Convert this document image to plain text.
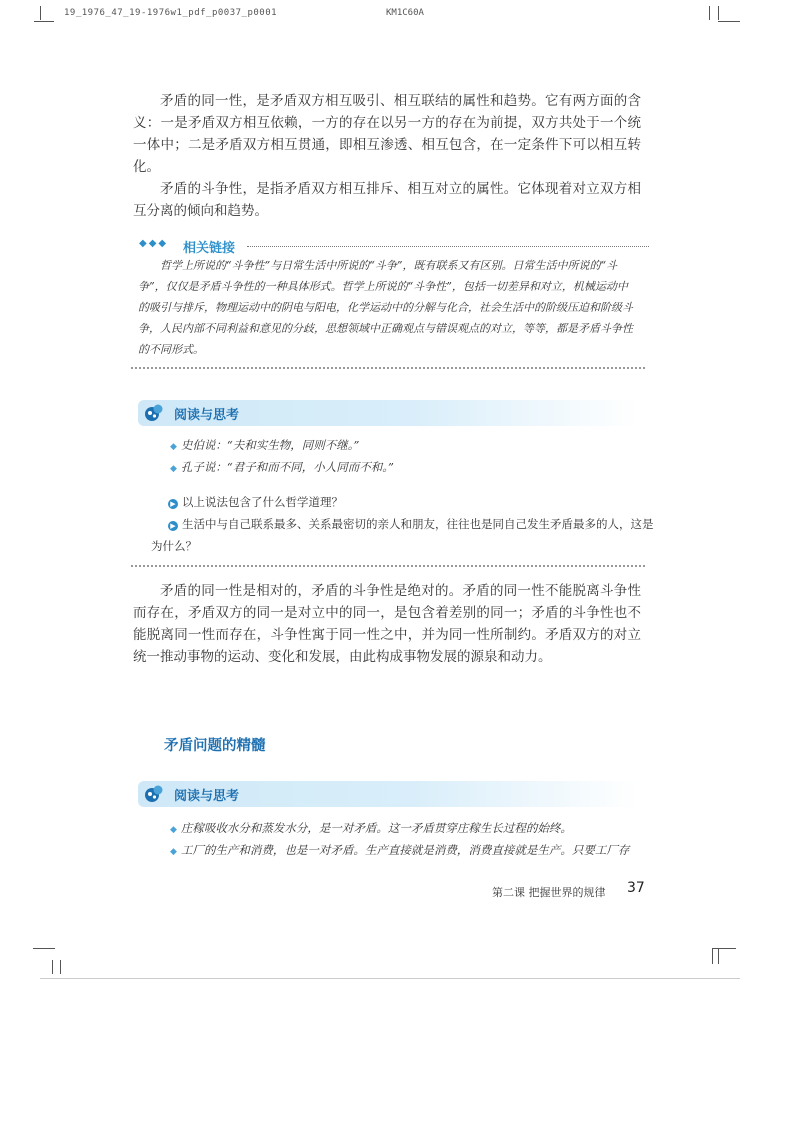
19_1976_47_19-1976w1_pdf_p0037_p0001	KM1C60A

矛盾的同一性，是矛盾双方相互吸引、相互联结的属性和趋势。它有两方面的含义：一是矛盾双方相互依赖，一方的存在以另一方的存在为前提，双方共处于一个统一体中；二是矛盾双方相互贯通，即相互渗透、相互包含，在一定条件下可以相互转化。

矛盾的斗争性，是指矛盾双方相互排斥、相互对立的属性。它体现着对立双方相互分离的倾向和趋势。

◆◆◆ 相关链接

哲学上所说的“斗争性”与日常生活中所说的“斗争”，既有联系又有区别。日常生活中所说的“斗争”，仅仅是矛盾斗争性的一种具体形式。哲学上所说的“斗争性”，包括一切差异和对立，机械运动中的吸引与排斥，物理运动中的阴电与阳电，化学运动中的分解与化合，社会生活中的阶级压迫和阶级斗争，人民内部不同利益和意见的分歧，思想领域中正确观点与错误观点的对立，等等，都是矛盾斗争性的不同形式。

阅读与思考
◆ 史伯说：“夫和实生物，同则不继。”
◆ 孔子说：“君子和而不同，小人同而不和。”
▶ 以上说法包含了什么哲学道理？
▶ 生活中与自己联系最多、关系最密切的亲人和朋友，往往也是同自己发生矛盾最多的人，这是
为什么？

矛盾的同一性是相对的，矛盾的斗争性是绝对的。矛盾的同一性不能脱离斗争性而存在，矛盾双方的同一是对立中的同一，是包含着差别的同一；矛盾的斗争性也不能脱离同一性而存在，斗争性寓于同一性之中，并为同一性所制约。矛盾双方的对立统一推动事物的运动、变化和发展，由此构成事物发展的源泉和动力。

矛盾问题的精髓
阅读与思考
◆ 庄稼吸收水分和蒸发水分，是一对矛盾。这一矛盾贯穿庄稼生长过程的始终。
◆ 工厂的生产和消费，也是一对矛盾。生产直接就是消费，消费直接就是生产。只要工厂存
第二课 把握世界的规律 37
